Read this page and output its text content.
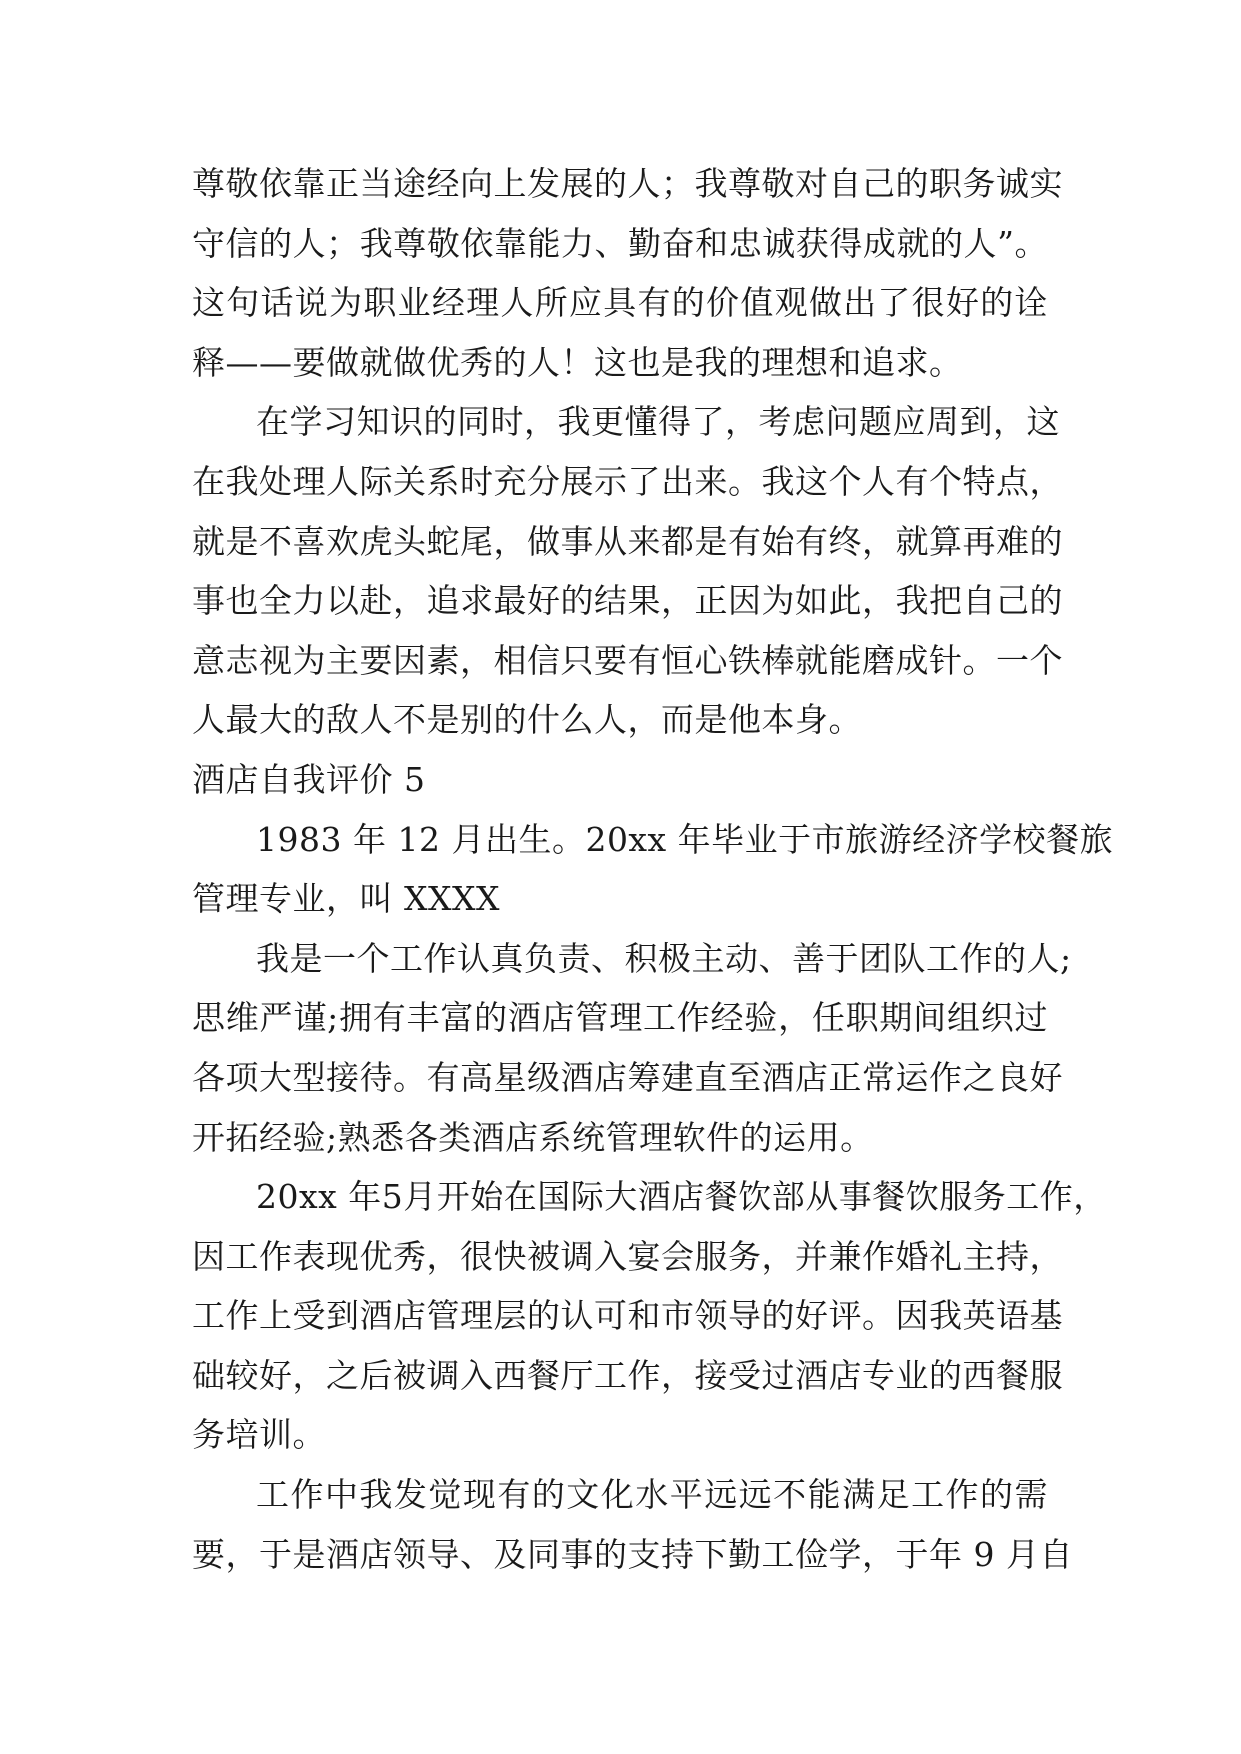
尊敬依靠正当途经向上发展的人；我尊敬对自己的职务诚实
守信的人；我尊敬依靠能力、勤奋和忠诚获得成就的人”。
这句话说为职业经理人所应具有的价值观做出了很好的诠
释——要做就做优秀的人！这也是我的理想和追求。
在学习知识的同时，我更懂得了，考虑问题应周到，这
在我处理人际关系时充分展示了出来。我这个人有个特点，
就是不喜欢虎头蛇尾，做事从来都是有始有终，就算再难的
事也全力以赴，追求最好的结果，正因为如此，我把自己的
意志视为主要因素，相信只要有恒心铁棒就能磨成针。一个
人最大的敌人不是别的什么人，而是他本身。
酒店自我评价 5
1983 年 12 月出生。20xx 年毕业于市旅游经济学校餐旅
管理专业，叫 XXXX
我是一个工作认真负责、积极主动、善于团队工作的人;
思维严谨;拥有丰富的酒店管理工作经验，任职期间组织过
各项大型接待。有高星级酒店筹建直至酒店正常运作之良好
开拓经验;熟悉各类酒店系统管理软件的运用。
20xx 年5月开始在国际大酒店餐饮部从事餐饮服务工作，
因工作表现优秀，很快被调入宴会服务，并兼作婚礼主持，
工作上受到酒店管理层的认可和市领导的好评。因我英语基
础较好，之后被调入西餐厅工作，接受过酒店专业的西餐服
务培训。
工作中我发觉现有的文化水平远远不能满足工作的需
要，于是酒店领导、及同事的支持下勤工俭学，于年 9 月自
